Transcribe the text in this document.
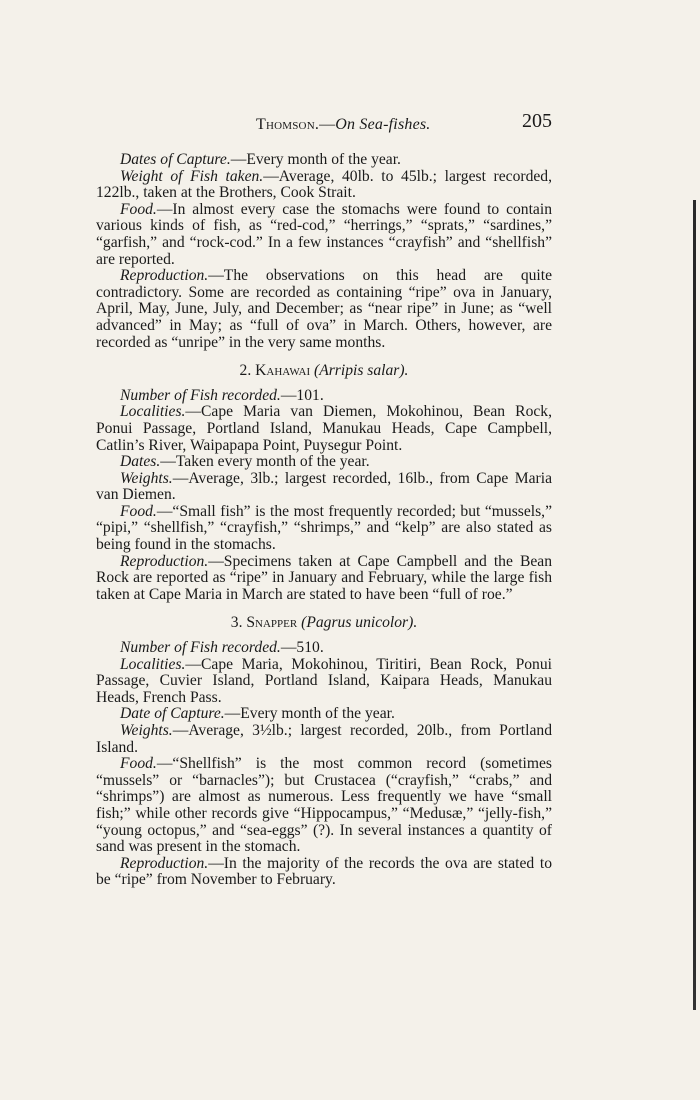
Thomson.—On Sea-fishes.	205

Dates of Capture.—Every month of the year.

Weight of Fish taken.—Average, 40lb. to 45lb.; largest recorded, 122lb., taken at the Brothers, Cook Strait.

Food.—In almost every case the stomachs were found to contain various kinds of fish, as “red-cod,” “herrings,” “sprats,” “sardines,” “garfish,” and “rock-cod.” In a few instances “crayfish” and “shellfish” are reported.

Reproduction.—The observations on this head are quite contradictory. Some are recorded as containing “ripe” ova in January, April, May, June, July, and December; as “near ripe” in June; as “well advanced” in May; as “full of ova” in March. Others, however, are recorded as “unripe” in the very same months.

2. Kahawai (Arripis salar).

Number of Fish recorded.—101.

Localities.—Cape Maria van Diemen, Mokohinou, Bean Rock, Ponui Passage, Portland Island, Manukau Heads, Cape Campbell, Catlin’s River, Waipapapa Point, Puysegur Point.

Dates.—Taken every month of the year.

Weights.—Average, 3lb.; largest recorded, 16lb., from Cape Maria van Diemen.

Food.—“Small fish” is the most frequently recorded; but “mussels,” “pipi,” “shellfish,” “crayfish,” “shrimps,” and “kelp” are also stated as being found in the stomachs.

Reproduction.—Specimens taken at Cape Campbell and the Bean Rock are reported as “ripe” in January and February, while the large fish taken at Cape Maria in March are stated to have been “full of roe.”

3. Snapper (Pagrus unicolor).

Number of Fish recorded.—510.

Localities.—Cape Maria, Mokohinou, Tiritiri, Bean Rock, Ponui Passage, Cuvier Island, Portland Island, Kaipara Heads, Manukau Heads, French Pass.

Date of Capture.—Every month of the year.

Weights.—Average, 3½lb.; largest recorded, 20lb., from Portland Island.

Food.—“Shellfish” is the most common record (sometimes “mussels” or “barnacles”); but Crustacea (“crayfish,” “crabs,” and “shrimps”) are almost as numerous. Less frequently we have “small fish;” while other records give “Hippocampus,” “Medusæ,” “jelly-fish,” “young octopus,” and “sea-eggs” (?). In several instances a quantity of sand was present in the stomach.

Reproduction.—In the majority of the records the ova are stated to be “ripe” from November to February.
